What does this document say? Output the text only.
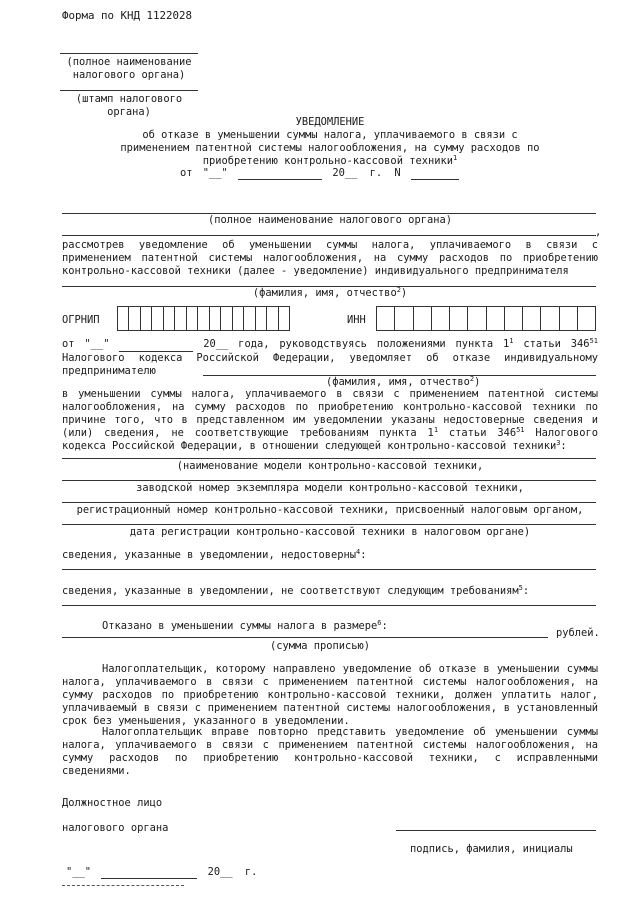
Форма по КНД 1122028
(полное наименование
налогового органа)
(штамп налогового
органа)
УВЕДОМЛЕНИЕ
об отказе в уменьшении суммы налога, уплачиваемого в связи с
применением патентной системы налогообложения, на сумму расходов по
приобретению контрольно-кассовой техники$^1$
от "__"	20__ г. N
(полное наименование налогового органа)
,
рассмотрев уведомление об уменьшении суммы налога, уплачиваемого в связи с применением патентной системы налогообложения, на сумму расходов по приобретению контрольно-кассовой техники (далее - уведомление) индивидуального предпринимателя
(фамилия, имя, отчество$^2$)
ОГРНИП	ИНН
от "__"	20__ года, руководствуясь положениями пункта $1^1$ статьи $346^{51}$ Налогового кодекса Российской Федерации, уведомляет об отказе индивидуальному предпринимателю
(фамилия, имя, отчество$^2$)
в уменьшении суммы налога, уплачиваемого в связи с применением патентной системы налогообложения, на сумму расходов по приобретению контрольно-кассовой техники по причине того, что в представленном им уведомлении указаны недостоверные сведения и (или) сведения, не соответствующие требованиям пункта $1^1$ статьи $346^{51}$ Налогового кодекса Российской Федерации, в отношении следующей контрольно-кассовой техники$^3$:
(наименование модели контрольно-кассовой техники,
заводской номер экземпляра модели контрольно-кассовой техники,
регистрационный номер контрольно-кассовой техники, присвоенный налоговым органом,
дата регистрации контрольно-кассовой техники в налоговом органе)
сведения, указанные в уведомлении, недостоверны$^4$:
сведения, указанные в уведомлении, не соответствуют следующим требованиям$^5$:
Отказано в уменьшении суммы налога в размере$^6$:
рублей.
(сумма прописью)
Налогоплательщик, которому направлено уведомление об отказе в уменьшении суммы налога, уплачиваемого в связи с применением патентной системы налогообложения, на сумму расходов по приобретению контрольно-кассовой техники, должен уплатить налог, уплачиваемый в связи с применением патентной системы налогообложения, в установленный срок без уменьшения, указанного в уведомлении.
Налогоплательщик вправе повторно представить уведомление об уменьшении суммы налога, уплачиваемого в связи с применением патентной системы налогообложения, на сумму расходов по приобретению контрольно-кассовой техники, с исправленными сведениями.
Должностное лицо
налогового органа
подпись, фамилия, инициалы
"__"	20__ г.
